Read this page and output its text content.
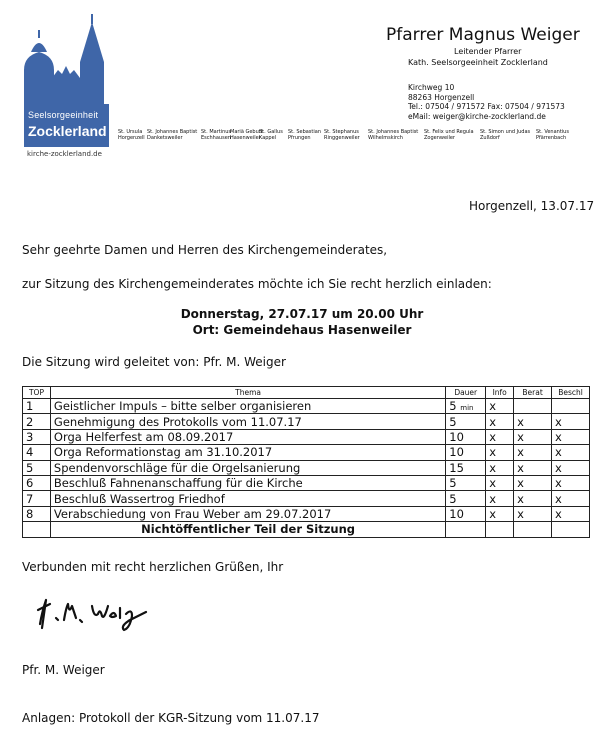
Seelsorgeeinheit
Zocklerland
kirche-zocklerland.de
Pfarrer Magnus Weiger
Leitender Pfarrer
Kath. Seelsorgeeinheit Zocklerland
Kirchweg 10
88263 Horgenzell
Tel.: 07504 / 971572 Fax: 07504 / 971573
eMail: weiger@kirche-zocklerland.de
St. Ursula
Horgenzell
St. Johannes Baptist
Danketsweiler
St. Martinus
Eschhausen
Mariä Geburt
Hasenweiler
St. Gallus
Kappel
St. Sebastian
Pfrungen
St. Stephanus
Ringgenweiler
St. Johannes Baptist
Wilhelmskirch
St. Felix und Regula
Zogenweiler
St. Simon und Judas
Zußdorf
St. Venantius
Pfärrenbach
Horgenzell, 13.07.17
Sehr geehrte Damen und Herren des Kirchengemeinderates,
zur Sitzung des Kirchengemeinderates möchte ich Sie recht herzlich einladen:
Donnerstag, 27.07.17 um 20.00 Uhr
Ort: Gemeindehaus Hasenweiler
Die Sitzung wird geleitet von: Pfr. M. Weiger
TOP	Thema	Dauer	Info	Berat	Beschl
1	Geistlicher Impuls – bitte selber organisieren	5 min	x		
2	Genehmigung des Protokolls vom 11.07.17	5	x	x	x
3	Orga Helferfest am 08.09.2017	10	x	x	x
4	Orga Reformationstag am 31.10.2017	10	x	x	x
5	Spendenvorschläge für die Orgelsanierung	15	x	x	x
6	Beschluß Fahnenanschaffung für die Kirche	5	x	x	x
7	Beschluß Wassertrog Friedhof	5	x	x	x
8	Verabschiedung von Frau Weber am 29.07.2017	10	x	x	x
	Nichtöffentlicher Teil der Sitzung				
Verbunden mit recht herzlichen Grüßen, Ihr
Pfr. M. Weiger
Anlagen: Protokoll der KGR-Sitzung vom 11.07.17
